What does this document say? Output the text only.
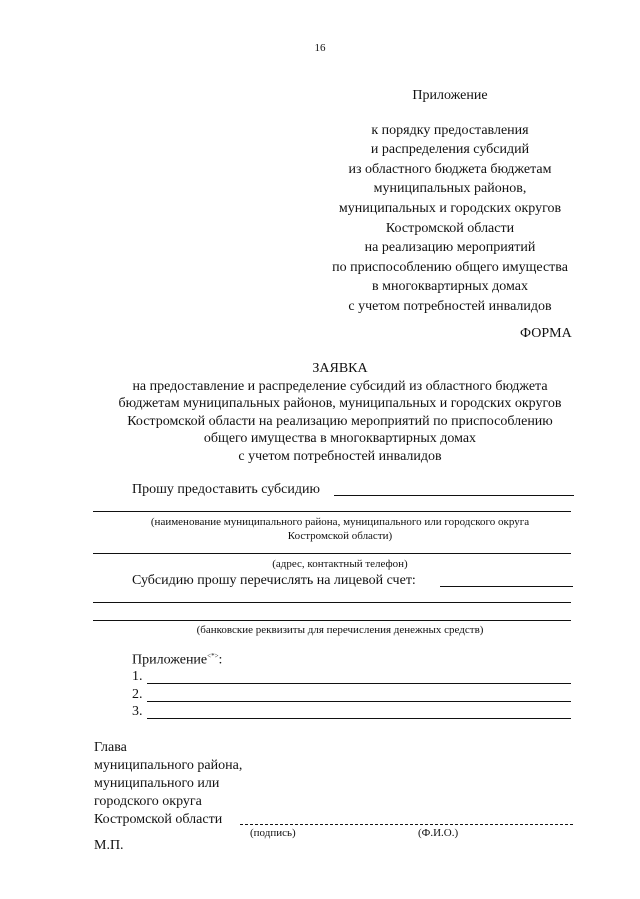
16
Приложение
к порядку предоставления
и распределения субсидий
из областного бюджета бюджетам
муниципальных районов,
муниципальных и городских округов
Костромской области
на реализацию мероприятий
по приспособлению общего имущества
в многоквартирных домах
с учетом потребностей инвалидов
ФОРМА
ЗАЯВКА
на предоставление и распределение субсидий из областного бюджета
бюджетам муниципальных районов, муниципальных и городских округов
Костромской области на реализацию мероприятий по приспособлению
общего имущества в многоквартирных домах
с учетом потребностей инвалидов
Прошу предоставить субсидию
(наименование муниципального района, муниципального или городского округа
Костромской области)
(адрес, контактный телефон)
Субсидию прошу перечислять на лицевой счет:
(банковские реквизиты для перечисления денежных средств)
Приложение<*>:
1.
2.
3.
Глава
муниципального района,
муниципального или
городского округа
Костромской области
(подпись)	(Ф.И.О.)
М.П.
